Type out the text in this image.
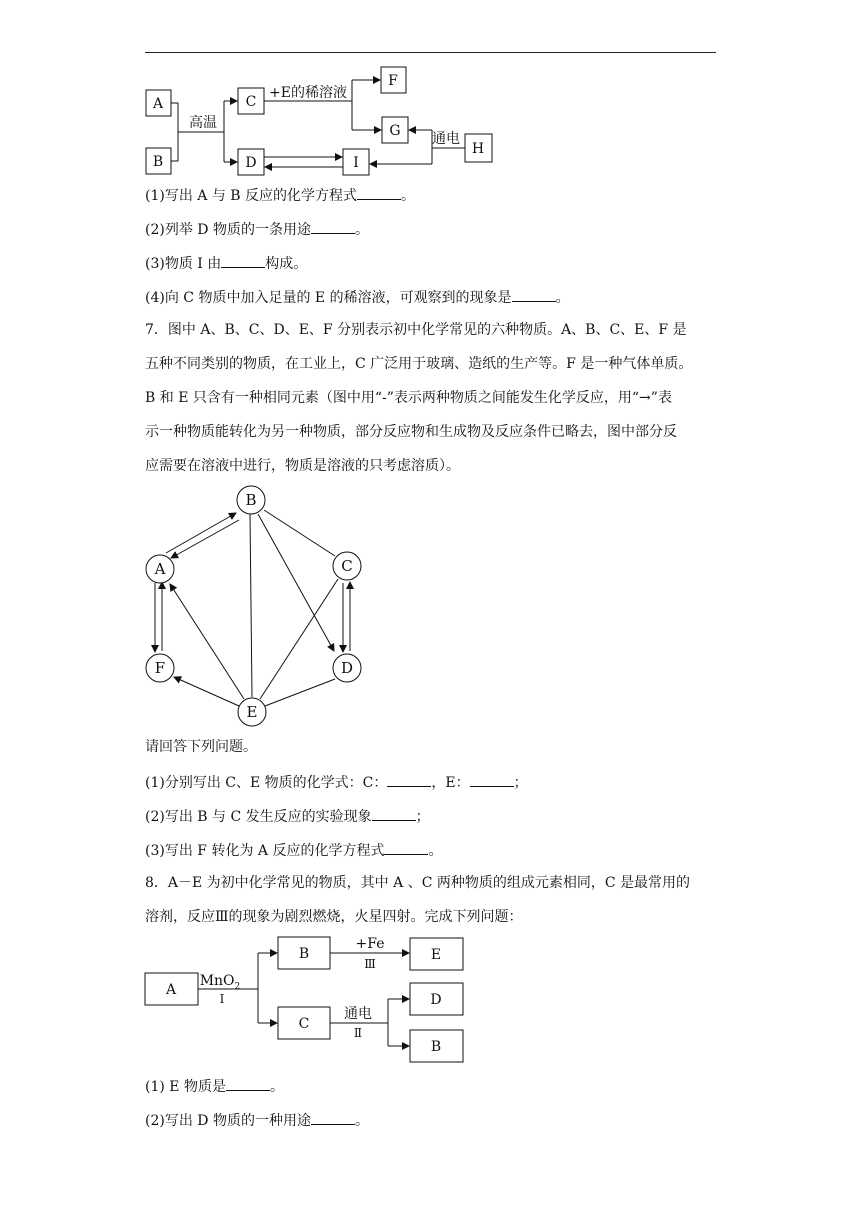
A
B
C
D
F
G
I
H
高温
+E的稀溶液
通电
(1)写出 A 与 B 反应的化学方程式	。
(2)列举 D 物质的一条用途	。
(3)物质 I 由	构成。
(4)向 C 物质中加入足量的 E 的稀溶液，可观察到的现象是	。
7．图中 A、B、C、D、E、F 分别表示初中化学常见的六种物质。A、B、C、E、F 是
五种不同类别的物质，在工业上，C 广泛用于玻璃、造纸的生产等。F 是一种气体单质。
B 和 E 只含有一种相同元素（图中用“-”表示两种物质之间能发生化学反应，用“→”表
示一种物质能转化为另一种物质，部分反应物和生成物及反应条件已略去，图中部分反
应需要在溶液中进行，物质是溶液的只考虑溶质）。
A
B
C
D
E
F
请回答下列问题。
(1)分别写出 C、E 物质的化学式：C：	，E：	；
(2)写出 B 与 C 发生反应的实验现象	；
(3)写出 F 转化为 A 反应的化学方程式	。
8．A－E 为初中化学常见的物质，其中 A 、C 两种物质的组成元素相同，C 是最常用的
溶剂，反应Ⅲ的现象为剧烈燃烧，火星四射。完成下列问题：
A
B
C
E
D
B
MnO$_2$
Ⅰ
+Fe
Ⅲ
通电
Ⅱ
(1) E 物质是	。
(2)写出 D 物质的一种用途	。
